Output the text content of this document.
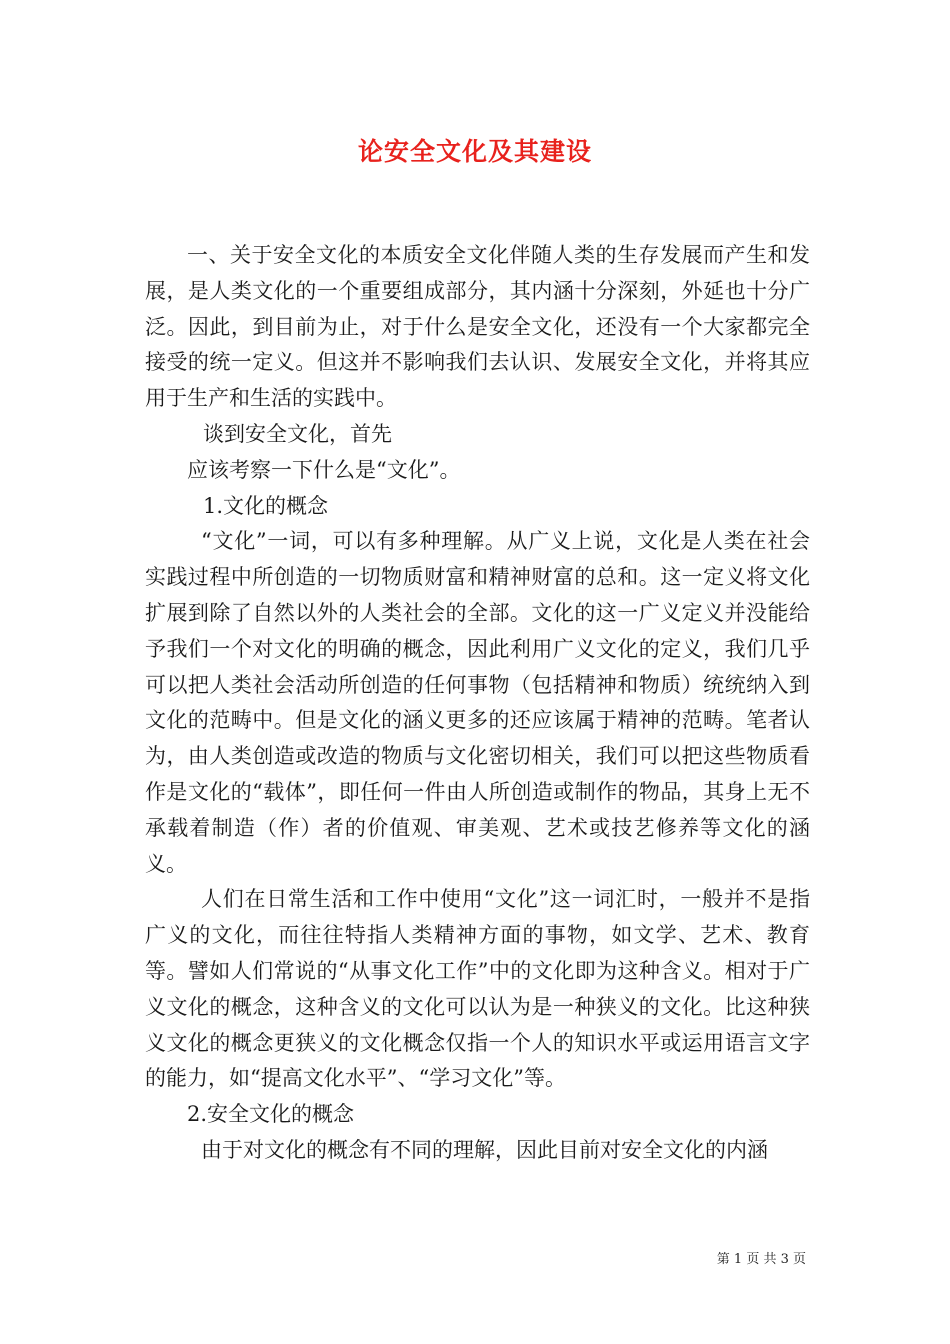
论安全文化及其建设

一、关于安全文化的本质安全文化伴随人类的生存发展而产生和发展，是人类文化的一个重要组成部分，其内涵十分深刻，外延也十分广泛。因此，到目前为止，对于什么是安全文化，还没有一个大家都完全接受的统一定义。但这并不影响我们去认识、发展安全文化，并将其应用于生产和生活的实践中。

谈到安全文化，首先

应该考察一下什么是“文化”。

1.文化的概念

“文化”一词，可以有多种理解。从广义上说，文化是人类在社会实践过程中所创造的一切物质财富和精神财富的总和。这一定义将文化扩展到除了自然以外的人类社会的全部。文化的这一广义定义并没能给予我们一个对文化的明确的概念，因此利用广义文化的定义，我们几乎可以把人类社会活动所创造的任何事物（包括精神和物质）统统纳入到文化的范畴中。但是文化的涵义更多的还应该属于精神的范畴。笔者认为，由人类创造或改造的物质与文化密切相关，我们可以把这些物质看作是文化的“载体”，即任何一件由人所创造或制作的物品，其身上无不承载着制造（作）者的价值观、审美观、艺术或技艺修养等文化的涵义。

人们在日常生活和工作中使用“文化”这一词汇时，一般并不是指广义的文化，而往往特指人类精神方面的事物，如文学、艺术、教育等。譬如人们常说的“从事文化工作”中的文化即为这种含义。相对于广义文化的概念，这种含义的文化可以认为是一种狭义的文化。比这种狭义文化的概念更狭义的文化概念仅指一个人的知识水平或运用语言文字的能力，如“提高文化水平”、“学习文化”等。

2.安全文化的概念

由于对文化的概念有不同的理解，因此目前对安全文化的内涵

第 1 页 共 3 页
